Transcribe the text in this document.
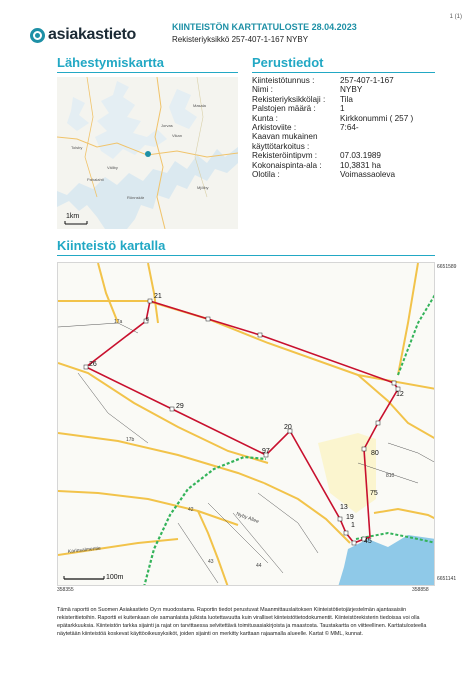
1 (1)
asiakastieto	KIINTEISTÖN KARTTATULOSTE 28.04.2023
Rekisteriyksikkö 257-407-1-167 NYBY
Lähestymiskartta
Vikan
Jorvas
Masala
Vällby
Pahalahti
Tolsby
Rönnskär
Mjölby
1km
Perustiedot
Kiinteistötunnus :	257-407-1-167
Nimi :	NYBY
Rekisteriyksikkölaji :	Tila
Palstojen määrä :	1
Kunta :	Kirkkonummi ( 257 )
Arkistoviite :	7:64-
Kaavan mukainen käyttötarkoitus :
Rekisteröintipvm :	07.03.1989
Kokonaispinta-ala :	10,3831 ha
Olotila :	Voimassaoleva
Kiinteistö kartalla
21
8
26
29
97
20
12
80
75
13
19
1
45
17a
17b
42
43
44
810
Karinsalmentie
Nyby Allee
100m
6651589
6651141
358355	358858
Tämä raportti on Suomen Asiakastieto Oy:n muodostama. Raportin tiedot perustuvat Maanmittauslaitoksen Kiinteistötietojärjestelmän ajantasaisiin rekisteritietoihin. Raportti ei kuitenkaan ole samanlaista julkista luotettavuutta kuin viralliset kiinteistötietodokumentit. Kiinteistörekisterin tiedoissa voi olla epätarkkuuksia. Kiinteistön tarkka sijainti ja rajat on tarvittaessa selvitettävä toimitusasiakirjoista ja maastosta. Taustakartta on viitteellinen. Karttatulosteella näytetään kiinteistöä koskevat käyttöoikeusyksiköt, joiden sijainti on merkitty karttaan rajaamalla alueelle. Kartat © MML, kunnat.
